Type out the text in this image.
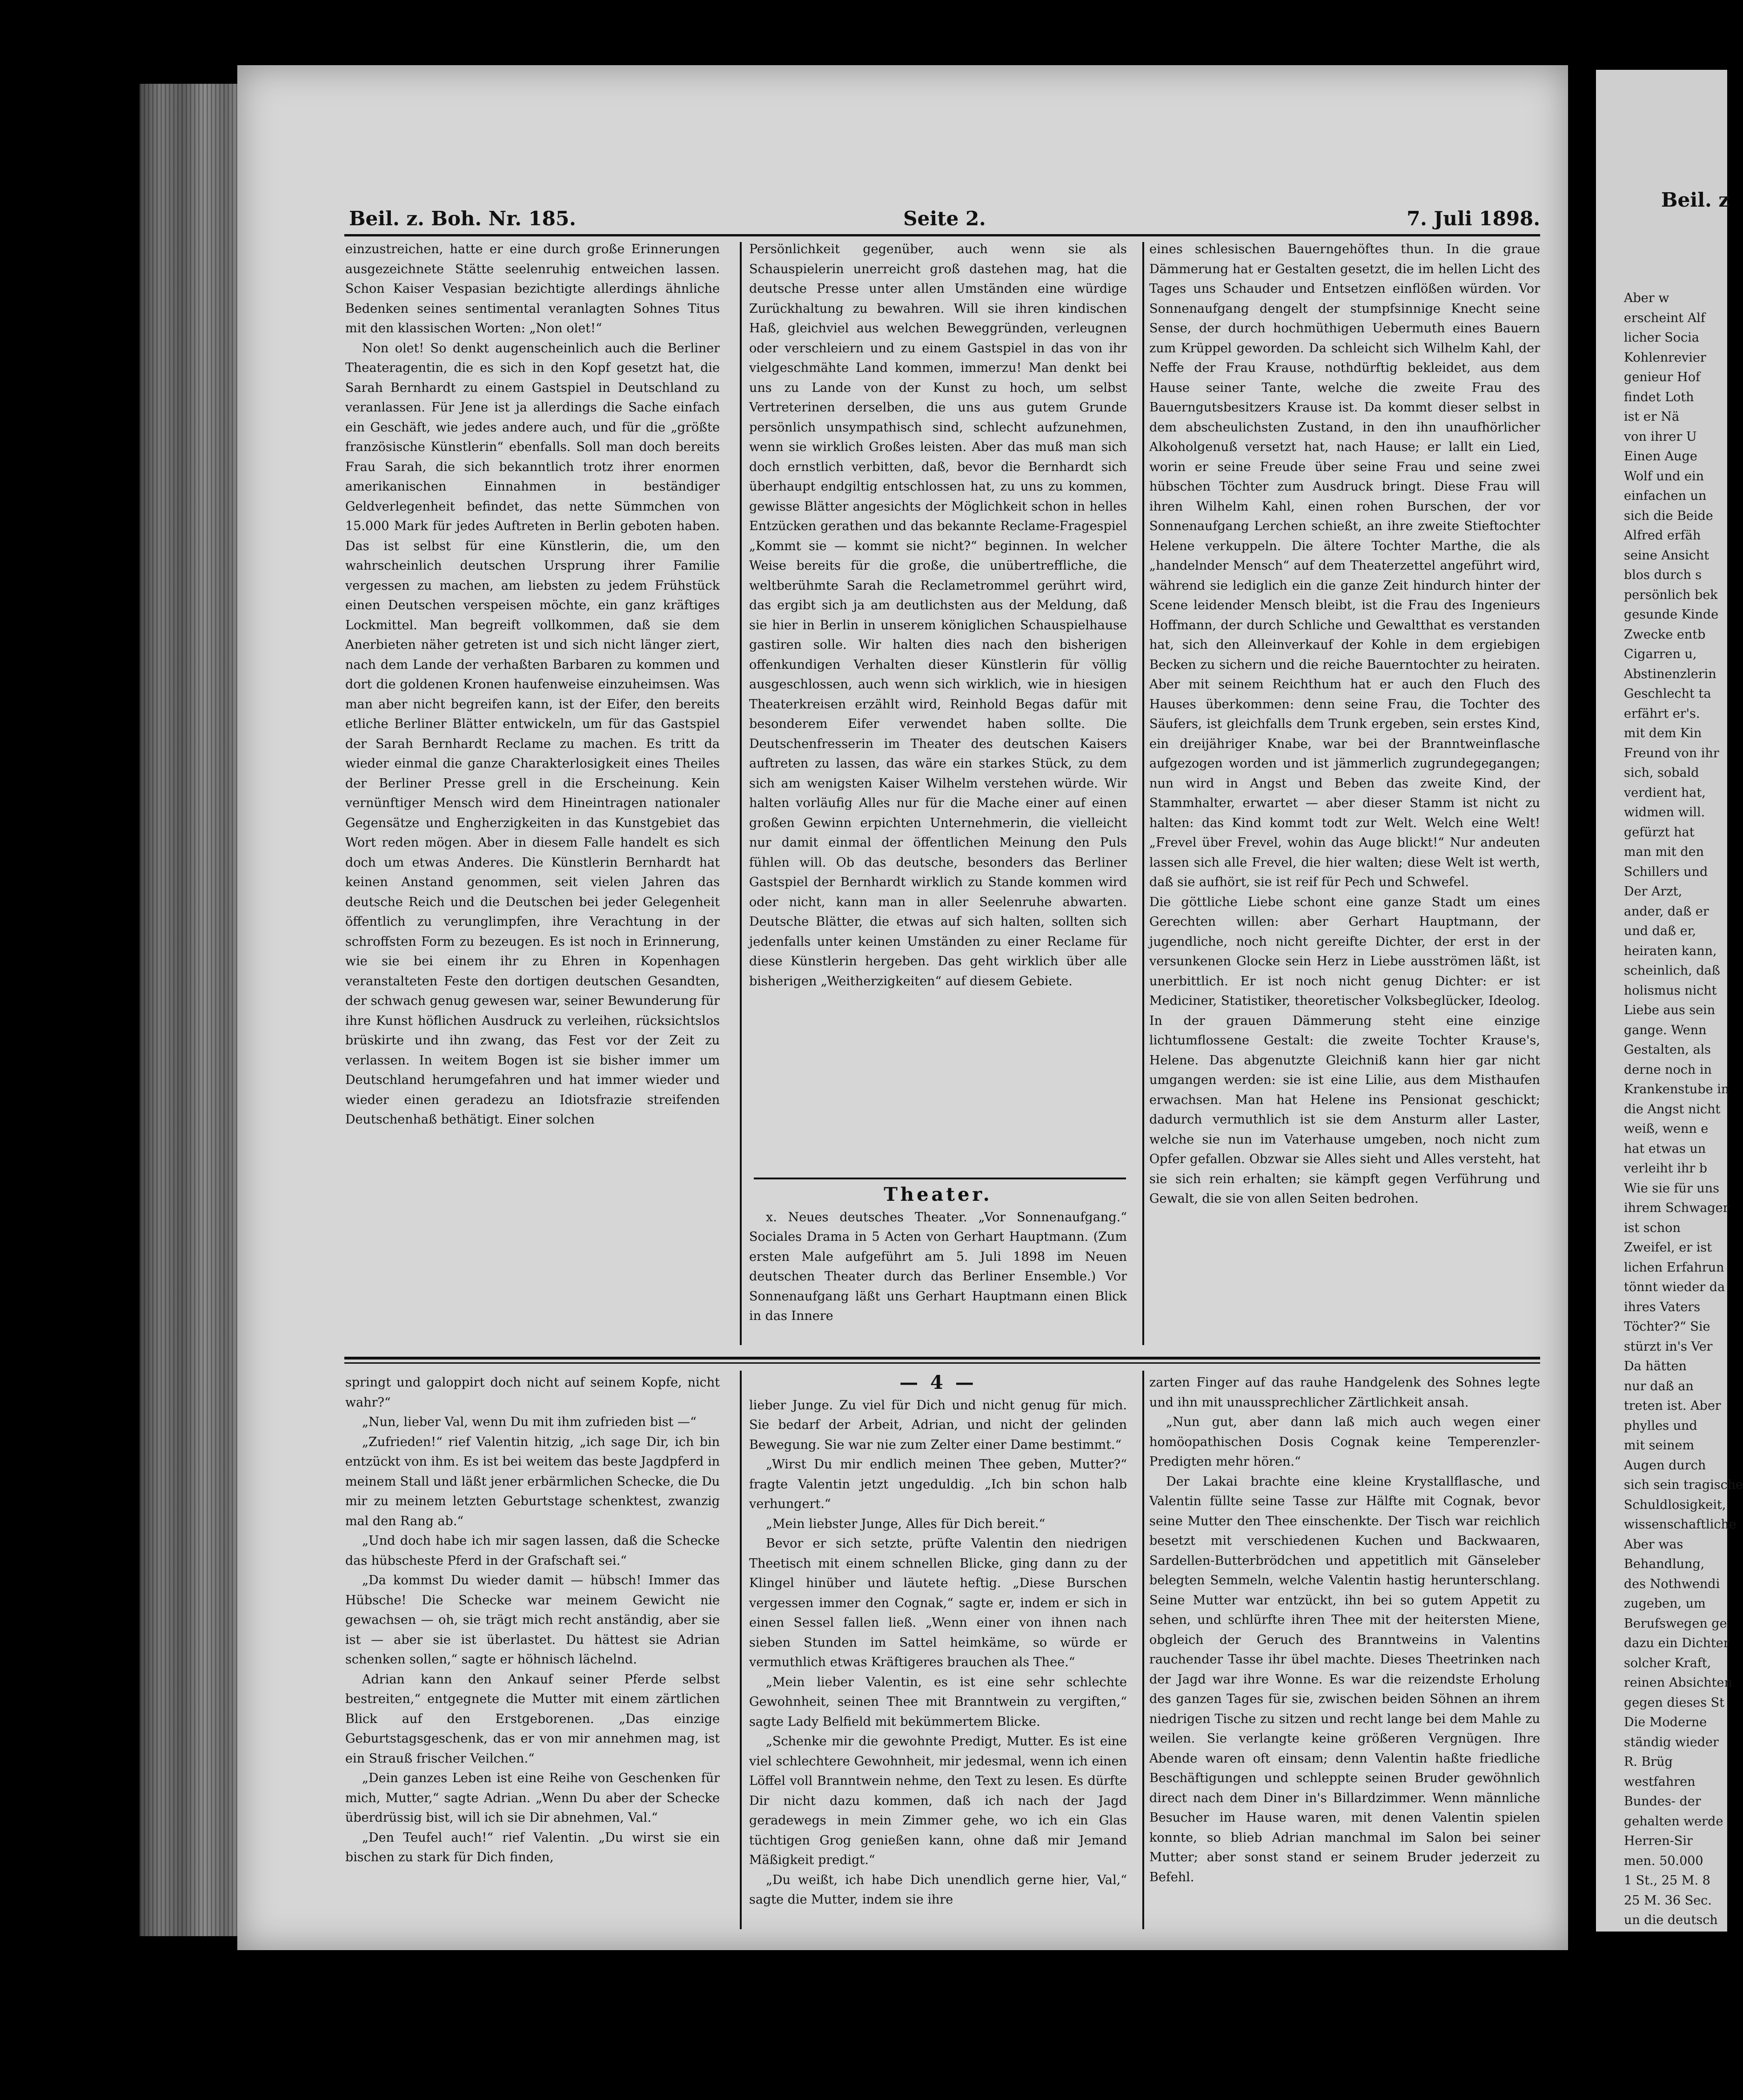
Beil. z. Boh. Nr. 185.	Seite 2.	7. Juli 1898.

einzustreichen, hatte er eine durch große Erinnerungen ausgezeichnete Stätte seelenruhig entweichen lassen. Schon Kaiser Vespasian bezichtigte allerdings ähnliche Bedenken seines sentimental veranlagten Sohnes Titus mit den klassischen Worten: „Non olet!“

Non olet! So denkt augenscheinlich auch die Berliner Theateragentin, die es sich in den Kopf gesetzt hat, die Sarah Bernhardt zu einem Gastspiel in Deutschland zu veranlassen. Für Jene ist ja allerdings die Sache einfach ein Geschäft, wie jedes andere auch, und für die „größte französische Künstlerin“ ebenfalls. Soll man doch bereits Frau Sarah, die sich bekanntlich trotz ihrer enormen amerikanischen Einnahmen in beständiger Geldverlegenheit befindet, das nette Sümmchen von 15.000 Mark für jedes Auftreten in Berlin geboten haben. Das ist selbst für eine Künstlerin, die, um den wahrscheinlich deutschen Ursprung ihrer Familie vergessen zu machen, am liebsten zu jedem Frühstück einen Deutschen verspeisen möchte, ein ganz kräftiges Lockmittel. Man begreift vollkommen, daß sie dem Anerbieten näher getreten ist und sich nicht länger ziert, nach dem Lande der verhaßten Barbaren zu kommen und dort die goldenen Kronen haufenweise einzuheimsen. Was man aber nicht begreifen kann, ist der Eifer, den bereits etliche Berliner Blätter entwickeln, um für das Gastspiel der Sarah Bernhardt Reclame zu machen. Es tritt da wieder einmal die ganze Charakterlosigkeit eines Theiles der Berliner Presse grell in die Erscheinung. Kein vernünftiger Mensch wird dem Hineintragen nationaler Gegensätze und Engherzigkeiten in das Kunstgebiet das Wort reden mögen. Aber in diesem Falle handelt es sich doch um etwas Anderes. Die Künstlerin Bernhardt hat keinen Anstand genommen, seit vielen Jahren das deutsche Reich und die Deutschen bei jeder Gelegenheit öffentlich zu verunglimpfen, ihre Verachtung in der schroffsten Form zu bezeugen. Es ist noch in Erinnerung, wie sie bei einem ihr zu Ehren in Kopenhagen veranstalteten Feste den dortigen deutschen Gesandten, der schwach genug gewesen war, seiner Bewunderung für ihre Kunst höflichen Ausdruck zu verleihen, rücksichtslos brüskirte und ihn zwang, das Fest vor der Zeit zu verlassen. In weitem Bogen ist sie bisher immer um Deutschland herumgefahren und hat immer wieder und wieder einen geradezu an Idiotsfrazie streifenden Deutschenhaß bethätigt. Einer solchen

Persönlichkeit gegenüber, auch wenn sie als Schauspielerin unerreicht groß dastehen mag, hat die deutsche Presse unter allen Umständen eine würdige Zurückhaltung zu bewahren. Will sie ihren kindischen Haß, gleichviel aus welchen Beweggründen, verleugnen oder verschleiern und zu einem Gastspiel in das von ihr vielgeschmähte Land kommen, immerzu! Man denkt bei uns zu Lande von der Kunst zu hoch, um selbst Vertreterinen derselben, die uns aus gutem Grunde persönlich unsympathisch sind, schlecht aufzunehmen, wenn sie wirklich Großes leisten. Aber das muß man sich doch ernstlich verbitten, daß, bevor die Bernhardt sich überhaupt endgiltig entschlossen hat, zu uns zu kommen, gewisse Blätter angesichts der Möglichkeit schon in helles Entzücken gerathen und das bekannte Reclame-Fragespiel „Kommt sie — kommt sie nicht?“ beginnen. In welcher Weise bereits für die große, die unübertreffliche, die weltberühmte Sarah die Reclametrommel gerührt wird, das ergibt sich ja am deutlichsten aus der Meldung, daß sie hier in Berlin in unserem königlichen Schauspielhause gastiren solle. Wir halten dies nach den bisherigen offenkundigen Verhalten dieser Künstlerin für völlig ausgeschlossen, auch wenn sich wirklich, wie in hiesigen Theaterkreisen erzählt wird, Reinhold Begas dafür mit besonderem Eifer verwendet haben sollte. Die Deutschenfresserin im Theater des deutschen Kaisers auftreten zu lassen, das wäre ein starkes Stück, zu dem sich am wenigsten Kaiser Wilhelm verstehen würde. Wir halten vorläufig Alles nur für die Mache einer auf einen großen Gewinn erpichten Unternehmerin, die vielleicht nur damit einmal der öffentlichen Meinung den Puls fühlen will. Ob das deutsche, besonders das Berliner Gastspiel der Bernhardt wirklich zu Stande kommen wird oder nicht, kann man in aller Seelenruhe abwarten. Deutsche Blätter, die etwas auf sich halten, sollten sich jedenfalls unter keinen Umständen zu einer Reclame für diese Künstlerin hergeben. Das geht wirklich über alle bisherigen „Weitherzigkeiten“ auf diesem Gebiete.

Theater.

x. Neues deutsches Theater. „Vor Sonnenaufgang.“ Sociales Drama in 5 Acten von Gerhart Hauptmann. (Zum ersten Male aufgeführt am 5. Juli 1898 im Neuen deutschen Theater durch das Berliner Ensemble.) Vor Sonnenaufgang läßt uns Gerhart Hauptmann einen Blick in das Innere

eines schlesischen Bauerngehöftes thun. In die graue Dämmerung hat er Gestalten gesetzt, die im hellen Licht des Tages uns Schauder und Entsetzen einflößen würden. Vor Sonnenaufgang dengelt der stumpfsinnige Knecht seine Sense, der durch hochmüthigen Uebermuth eines Bauern zum Krüppel geworden. Da schleicht sich Wilhelm Kahl, der Neffe der Frau Krause, nothdürftig bekleidet, aus dem Hause seiner Tante, welche die zweite Frau des Bauerngutsbesitzers Krause ist. Da kommt dieser selbst in dem abscheulichsten Zustand, in den ihn unaufhörlicher Alkoholgenuß versetzt hat, nach Hause; er lallt ein Lied, worin er seine Freude über seine Frau und seine zwei hübschen Töchter zum Ausdruck bringt. Diese Frau will ihren Wilhelm Kahl, einen rohen Burschen, der vor Sonnenaufgang Lerchen schießt, an ihre zweite Stieftochter Helene verkuppeln. Die ältere Tochter Marthe, die als „handelnder Mensch“ auf dem Theaterzettel angeführt wird, während sie lediglich ein die ganze Zeit hindurch hinter der Scene leidender Mensch bleibt, ist die Frau des Ingenieurs Hoffmann, der durch Schliche und Gewaltthat es verstanden hat, sich den Alleinverkauf der Kohle in dem ergiebigen Becken zu sichern und die reiche Bauerntochter zu heiraten. Aber mit seinem Reichthum hat er auch den Fluch des Hauses überkommen: denn seine Frau, die Tochter des Säufers, ist gleichfalls dem Trunk ergeben, sein erstes Kind, ein dreijähriger Knabe, war bei der Branntweinflasche aufgezogen worden und ist jämmerlich zugrundegegangen; nun wird in Angst und Beben das zweite Kind, der Stammhalter, erwartet — aber dieser Stamm ist nicht zu halten: das Kind kommt todt zur Welt. Welch eine Welt! „Frevel über Frevel, wohin das Auge blickt!“ Nur andeuten lassen sich alle Frevel, die hier walten; diese Welt ist werth, daß sie aufhört, sie ist reif für Pech und Schwefel.

Die göttliche Liebe schont eine ganze Stadt um eines Gerechten willen: aber Gerhart Hauptmann, der jugendliche, noch nicht gereifte Dichter, der erst in der versunkenen Glocke sein Herz in Liebe ausströmen läßt, ist unerbittlich. Er ist noch nicht genug Dichter: er ist Mediciner, Statistiker, theoretischer Volksbeglücker, Ideolog. In der grauen Dämmerung steht eine einzige lichtumflossene Gestalt: die zweite Tochter Krause's, Helene. Das abgenutzte Gleichniß kann hier gar nicht umgangen werden: sie ist eine Lilie, aus dem Misthaufen erwachsen. Man hat Helene ins Pensionat geschickt; dadurch vermuthlich ist sie dem Ansturm aller Laster, welche sie nun im Vaterhause umgeben, noch nicht zum Opfer gefallen. Obzwar sie Alles sieht und Alles versteht, hat sie sich rein erhalten; sie kämpft gegen Verführung und Gewalt, die sie von allen Seiten bedrohen.

springt und galoppirt doch nicht auf seinem Kopfe, nicht wahr?“

„Nun, lieber Val, wenn Du mit ihm zufrieden bist —“

„Zufrieden!“ rief Valentin hitzig, „ich sage Dir, ich bin entzückt von ihm. Es ist bei weitem das beste Jagdpferd in meinem Stall und läßt jener erbärmlichen Schecke, die Du mir zu meinem letzten Geburtstage schenktest, zwanzig mal den Rang ab.“

„Und doch habe ich mir sagen lassen, daß die Schecke das hübscheste Pferd in der Grafschaft sei.“

„Da kommst Du wieder damit — hübsch! Immer das Hübsche! Die Schecke war meinem Gewicht nie gewachsen — oh, sie trägt mich recht anständig, aber sie ist — aber sie ist überlastet. Du hättest sie Adrian schenken sollen,“ sagte er höhnisch lächelnd.

Adrian kann den Ankauf seiner Pferde selbst bestreiten,“ entgegnete die Mutter mit einem zärtlichen Blick auf den Erstgeborenen. „Das einzige Geburtstagsgeschenk, das er von mir annehmen mag, ist ein Strauß frischer Veilchen.“

„Dein ganzes Leben ist eine Reihe von Geschenken für mich, Mutter,“ sagte Adrian. „Wenn Du aber der Schecke überdrüssig bist, will ich sie Dir abnehmen, Val.“

„Den Teufel auch!“ rief Valentin. „Du wirst sie ein bischen zu stark für Dich finden,

— 4 —

lieber Junge. Zu viel für Dich und nicht genug für mich. Sie bedarf der Arbeit, Adrian, und nicht der gelinden Bewegung. Sie war nie zum Zelter einer Dame bestimmt.“

„Wirst Du mir endlich meinen Thee geben, Mutter?“ fragte Valentin jetzt ungeduldig. „Ich bin schon halb verhungert.“

„Mein liebster Junge, Alles für Dich bereit.“

Bevor er sich setzte, prüfte Valentin den niedrigen Theetisch mit einem schnellen Blicke, ging dann zu der Klingel hinüber und läutete heftig. „Diese Burschen vergessen immer den Cognak,“ sagte er, indem er sich in einen Sessel fallen ließ. „Wenn einer von ihnen nach sieben Stunden im Sattel heimkäme, so würde er vermuthlich etwas Kräftigeres brauchen als Thee.“

„Mein lieber Valentin, es ist eine sehr schlechte Gewohnheit, seinen Thee mit Branntwein zu vergiften,“ sagte Lady Belfield mit bekümmertem Blicke.

„Schenke mir die gewohnte Predigt, Mutter. Es ist eine viel schlechtere Gewohnheit, mir jedesmal, wenn ich einen Löffel voll Branntwein nehme, den Text zu lesen. Es dürfte Dir nicht dazu kommen, daß ich nach der Jagd geradewegs in mein Zimmer gehe, wo ich ein Glas tüchtigen Grog genießen kann, ohne daß mir Jemand Mäßigkeit predigt.“

„Du weißt, ich habe Dich unendlich gerne hier, Val,“ sagte die Mutter, indem sie ihre

zarten Finger auf das rauhe Handgelenk des Sohnes legte und ihn mit unaussprechlicher Zärtlichkeit ansah.

„Nun gut, aber dann laß mich auch wegen einer homöopathischen Dosis Cognak keine Temperenzler-Predigten mehr hören.“

Der Lakai brachte eine kleine Krystallflasche, und Valentin füllte seine Tasse zur Hälfte mit Cognak, bevor seine Mutter den Thee einschenkte. Der Tisch war reichlich besetzt mit verschiedenen Kuchen und Backwaaren, Sardellen-Butterbrödchen und appetitlich mit Gänseleber belegten Semmeln, welche Valentin hastig herunterschlang. Seine Mutter war entzückt, ihn bei so gutem Appetit zu sehen, und schlürfte ihren Thee mit der heitersten Miene, obgleich der Geruch des Branntweins in Valentins rauchender Tasse ihr übel machte. Dieses Theetrinken nach der Jagd war ihre Wonne. Es war die reizendste Erholung des ganzen Tages für sie, zwischen beiden Söhnen an ihrem niedrigen Tische zu sitzen und recht lange bei dem Mahle zu weilen. Sie verlangte keine größeren Vergnügen. Ihre Abende waren oft einsam; denn Valentin haßte friedliche Beschäftigungen und schleppte seinen Bruder gewöhnlich direct nach dem Diner in's Billardzimmer. Wenn männliche Besucher im Hause waren, mit denen Valentin spielen konnte, so blieb Adrian manchmal im Salon bei seiner Mutter; aber sonst stand er seinem Bruder jederzeit zu Befehl.

Beil. z
Aber w
erscheint Alf
licher Socia
Kohlenrevier
genieur Hof
findet Loth
ist er Nä
von ihrer U
Einen Auge
Wolf und ein
einfachen un
sich die Beide
Alfred erfäh
seine Ansicht
blos durch s
persönlich bek
gesunde Kinde
Zwecke entb
Cigarren u,
Abstinenzlerin
Geschlecht ta
erfährt er's.
mit dem Kin
Freund von ihr
sich, sobald
verdient hat,
widmen will.
gefürzt hat
man mit den
Schillers und
Der Arzt,
ander, daß er
und daß er,
heiraten kann,
scheinlich, daß
holismus nicht
Liebe aus sein
gange. Wenn
Gestalten, als
derne noch in
Krankenstube in
die Angst nicht
weiß, wenn e
hat etwas un
verleiht ihr b
Wie sie für uns
ihrem Schwager
ist schon
Zweifel, er ist
lichen Erfahrun
tönnt wieder da
ihres Vaters
Töchter?“ Sie
stürzt in's Ver
Da hätten
nur daß an
treten ist. Aber
phylles und
mit seinem
Augen durch
sich sein tragische
Schuldlosigkeit,
wissenschaftliche
Aber was
Behandlung,
des Nothwendi
zugeben, um
Berufswegen ge
dazu ein Dichter
solcher Kraft,
reinen Absichten
gegen dieses St
Die Moderne
ständig wieder
R. Brüg
westfahren
Bundes- der
gehalten werde
Herren-Sir
men. 50.000
1 St., 25 M. 8
25 M. 36 Sec.
un die deutsch
